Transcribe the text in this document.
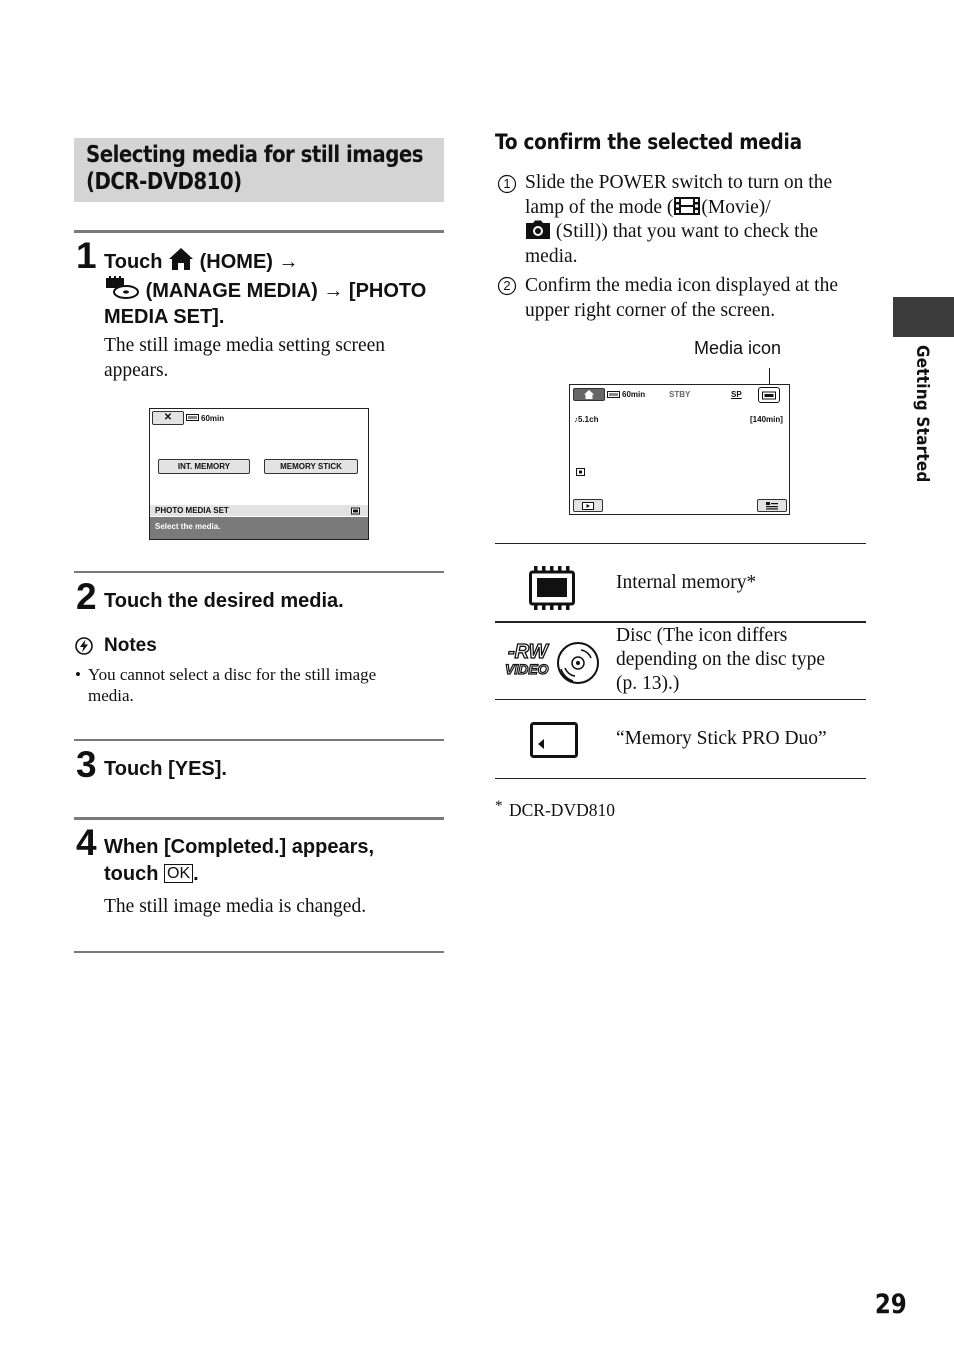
Selecting media for still images
(DCR-DVD810)
1 Touch (HOME) →
(MANAGE MEDIA) → [PHOTO
MEDIA SET].
The still image media setting screen
appears.
✕	60min
INT. MEMORY	MEMORY STICK
PHOTO MEDIA SET
Select the media.
2 Touch the desired media.
Notes
• You cannot select a disc for the still image
media.
3 Touch [YES].
4 When [Completed.] appears,
touch OK .
The still image media is changed.
To confirm the selected media
1 Slide the POWER switch to turn on the
lamp of the mode ( (Movie)/
(Still)) that you want to check the
media.
2 Confirm the media icon displayed at the
upper right corner of the screen.
Media icon
60min	STBY	SP
♪5.1ch	[140min]
Internal memory*
-RW
VIDEO
Disc (The icon differs
depending on the disc type
(p. 13).)
“Memory Stick PRO Duo”
* DCR-DVD810
Getting Started
29
